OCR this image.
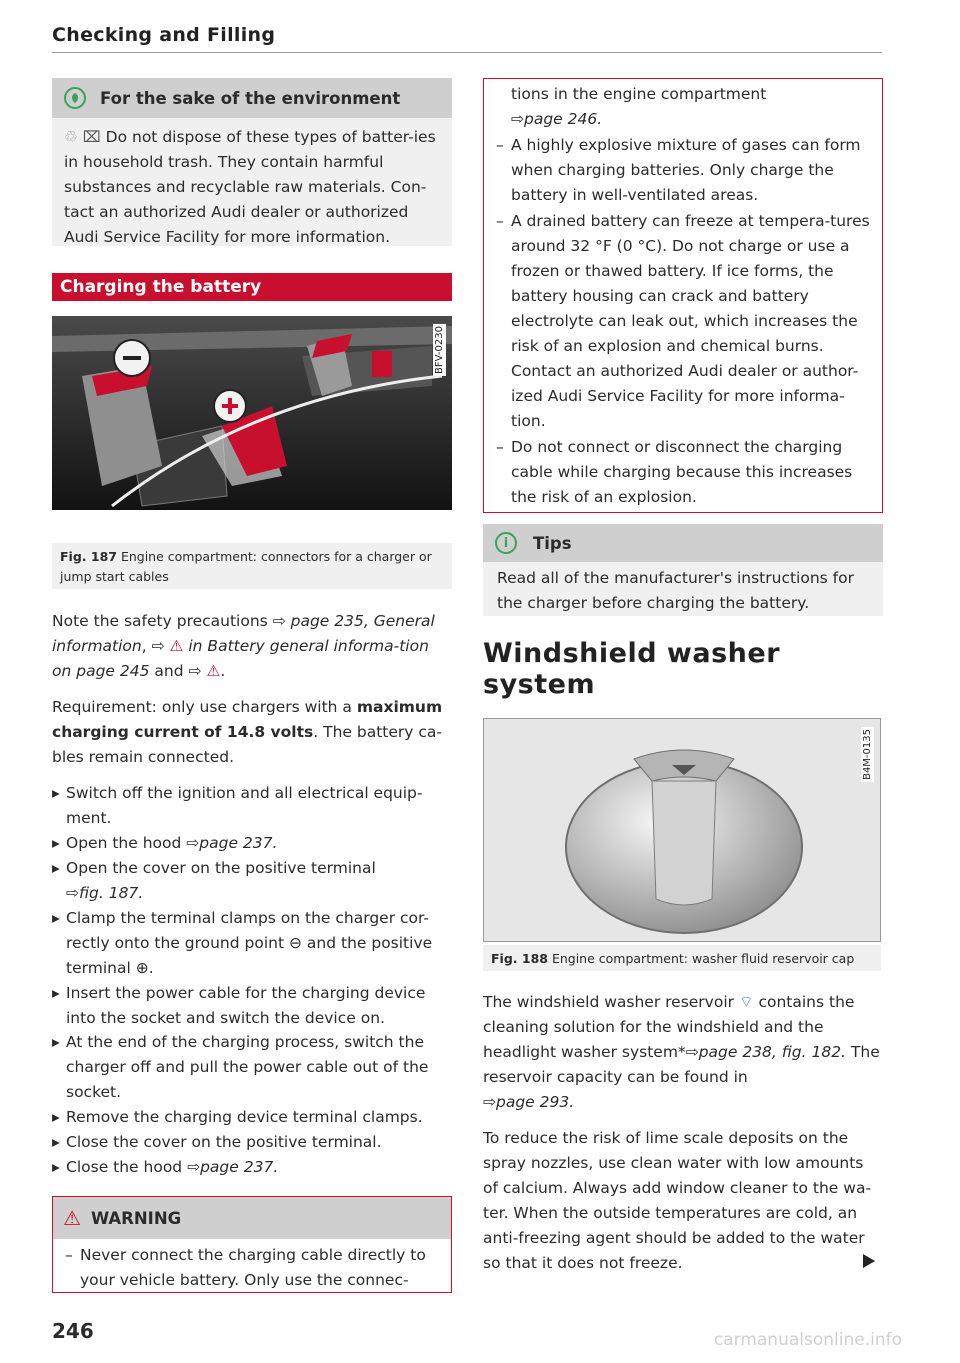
Checking and Filling
For the sake of the environment
♲ ⌧ Do not dispose of these types of batter-ies in household trash. They contain harmful substances and recyclable raw materials. Con-tact an authorized Audi dealer or authorized Audi Service Facility for more information.
Charging the battery
BFV-0230
Fig. 187 Engine compartment: connectors for a charger or jump start cables

Note the safety precautions ⇨ page 235, General information, ⇨ ⚠ in Battery general informa-tion on page 245 and ⇨ ⚠.

Requirement: only use chargers with a maximum charging current of 14.8 volts. The battery ca-bles remain connected.

▸ Switch off the ignition and all electrical equip-ment.
▸ Open the hood ⇨page 237.
▸ Open the cover on the positive terminal
⇨fig. 187.
▸ Clamp the terminal clamps on the charger cor-rectly onto the ground point ⊖ and the positive terminal ⊕.
▸ Insert the power cable for the charging device into the socket and switch the device on.
▸ At the end of the charging process, switch the charger off and pull the power cable out of the socket.
▸ Remove the charging device terminal clamps.
▸ Close the cover on the positive terminal.
▸ Close the hood ⇨page 237.
⚠ WARNING
– Never connect the charging cable directly to your vehicle battery. Only use the connec-
tions in the engine compartment
⇨page 246.
– A highly explosive mixture of gases can form when charging batteries. Only charge the battery in well-ventilated areas.
– A drained battery can freeze at tempera-tures around 32 °F (0 °C). Do not charge or use a frozen or thawed battery. If ice forms, the battery housing can crack and battery electrolyte can leak out, which increases the risk of an explosion and chemical burns. Contact an authorized Audi dealer or author-ized Audi Service Facility for more informa-tion.
– Do not connect or disconnect the charging cable while charging because this increases the risk of an explosion.
i	Tips
Read all of the manufacturer's instructions for the charger before charging the battery.
Windshield washer system
B4M-0135
Fig. 188 Engine compartment: washer fluid reservoir cap

The windshield washer reservoir ⌔ contains the cleaning solution for the windshield and the headlight washer system*⇨page 238, fig. 182. The reservoir capacity can be found in
⇨page 293.

To reduce the risk of lime scale deposits on the spray nozzles, use clean water with low amounts of calcium. Always add window cleaner to the wa-ter. When the outside temperatures are cold, an anti-freezing agent should be added to the water so that it does not freeze.

246	carmanualsonline.info
